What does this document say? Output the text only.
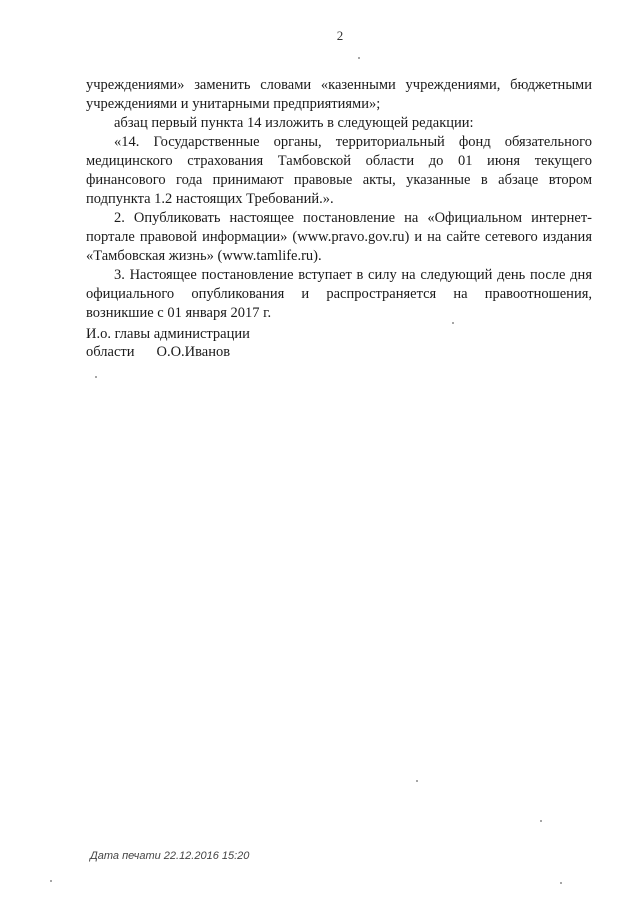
2

учреждениями» заменить словами «казенными учреждениями, бюджетными учреждениями и унитарными предприятиями»;

абзац первый пункта 14 изложить в следующей редакции:

«14. Государственные органы, территориальный фонд обязательного медицинского страхования Тамбовской области до 01 июня текущего финансового года принимают правовые акты, указанные в абзаце втором подпункта 1.2 настоящих Требований.».

2. Опубликовать настоящее постановление на «Официальном интернет-портале правовой информации» (www.pravo.gov.ru) и на сайте сетевого издания «Тамбовская жизнь» (www.tamlife.ru).

3. Настоящее постановление вступает в силу на следующий день после дня официального опубликования и распространяется на правоотношения, возникшие с 01 января 2017 г.

И.о. главы администрации
области О.О.Иванов
Дата печати 22.12.2016 15:20
